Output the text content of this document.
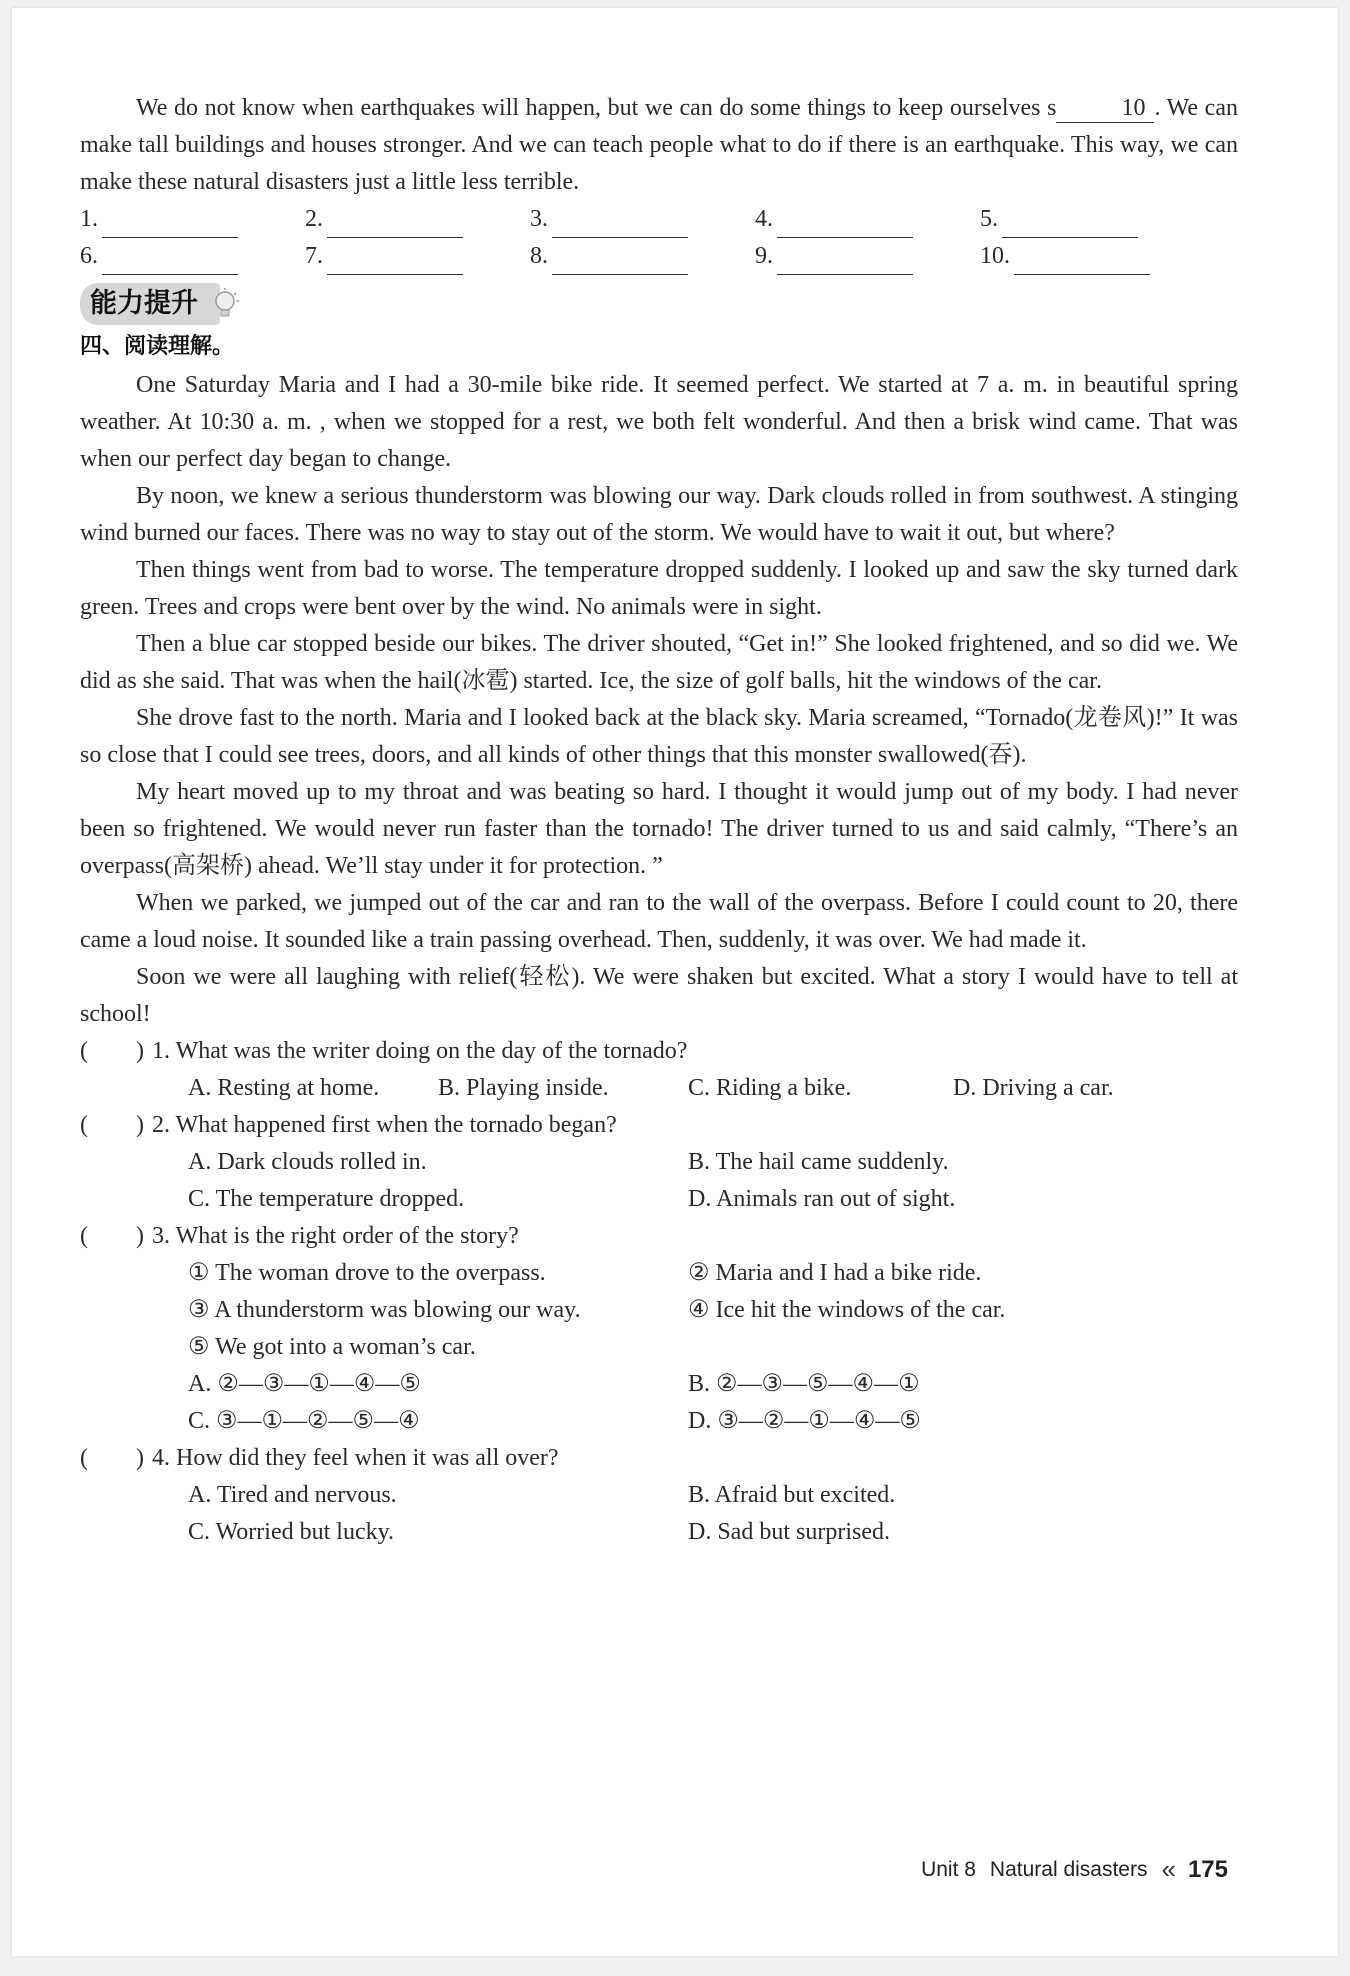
We do not know when earthquakes will happen, but we can do some things to keep ourselves s	10 . We can make tall buildings and houses stronger. And we can teach people what to do if there is an earthquake. This way, we can make these natural disasters just a little less terrible.

1.	2.	3.	4.	5.
6.	7.	8.	9.	10.
能力提升
四、阅读理解。

One Saturday Maria and I had a 30-mile bike ride. It seemed perfect. We started at 7 a. m. in beautiful spring weather. At 10:30 a. m. , when we stopped for a rest, we both felt wonderful. And then a brisk wind came. That was when our perfect day began to change.

By noon, we knew a serious thunderstorm was blowing our way. Dark clouds rolled in from southwest. A stinging wind burned our faces. There was no way to stay out of the storm. We would have to wait it out, but where?

Then things went from bad to worse. The temperature dropped suddenly. I looked up and saw the sky turned dark green. Trees and crops were bent over by the wind. No animals were in sight.

Then a blue car stopped beside our bikes. The driver shouted, “Get in!” She looked frightened, and so did we. We did as she said. That was when the hail(冰雹) started. Ice, the size of golf balls, hit the windows of the car.

She drove fast to the north. Maria and I looked back at the black sky. Maria screamed, “Tornado(龙卷风)!” It was so close that I could see trees, doors, and all kinds of other things that this monster swallowed(吞).

My heart moved up to my throat and was beating so hard. I thought it would jump out of my body. I had never been so frightened. We would never run faster than the tornado! The driver turned to us and said calmly, “There’s an overpass(高架桥) ahead. We’ll stay under it for protection. ”

When we parked, we jumped out of the car and ran to the wall of the overpass. Before I could count to 20, there came a loud noise. It sounded like a train passing overhead. Then, suddenly, it was over. We had made it.

Soon we were all laughing with relief(轻松). We were shaken but excited. What a story I would have to tell at school!

(　　) 1. What was the writer doing on the day of the tornado?
A. Resting at home.	B. Playing inside.	C. Riding a bike.	D. Driving a car.
(　　) 2. What happened first when the tornado began?
A. Dark clouds rolled in.	B. The hail came suddenly.
C. The temperature dropped.	D. Animals ran out of sight.
(　　) 3. What is the right order of the story?
① The woman drove to the overpass.	② Maria and I had a bike ride.
③ A thunderstorm was blowing our way.	④ Ice hit the windows of the car.
⑤ We got into a woman’s car.
A. ②—③—①—④—⑤	B. ②—③—⑤—④—①
C. ③—①—②—⑤—④	D. ③—②—①—④—⑤
(　　) 4. How did they feel when it was all over?
A. Tired and nervous.	B. Afraid but excited.
C. Worried but lucky.	D. Sad but surprised.
Unit 8 Natural disasters « 175
